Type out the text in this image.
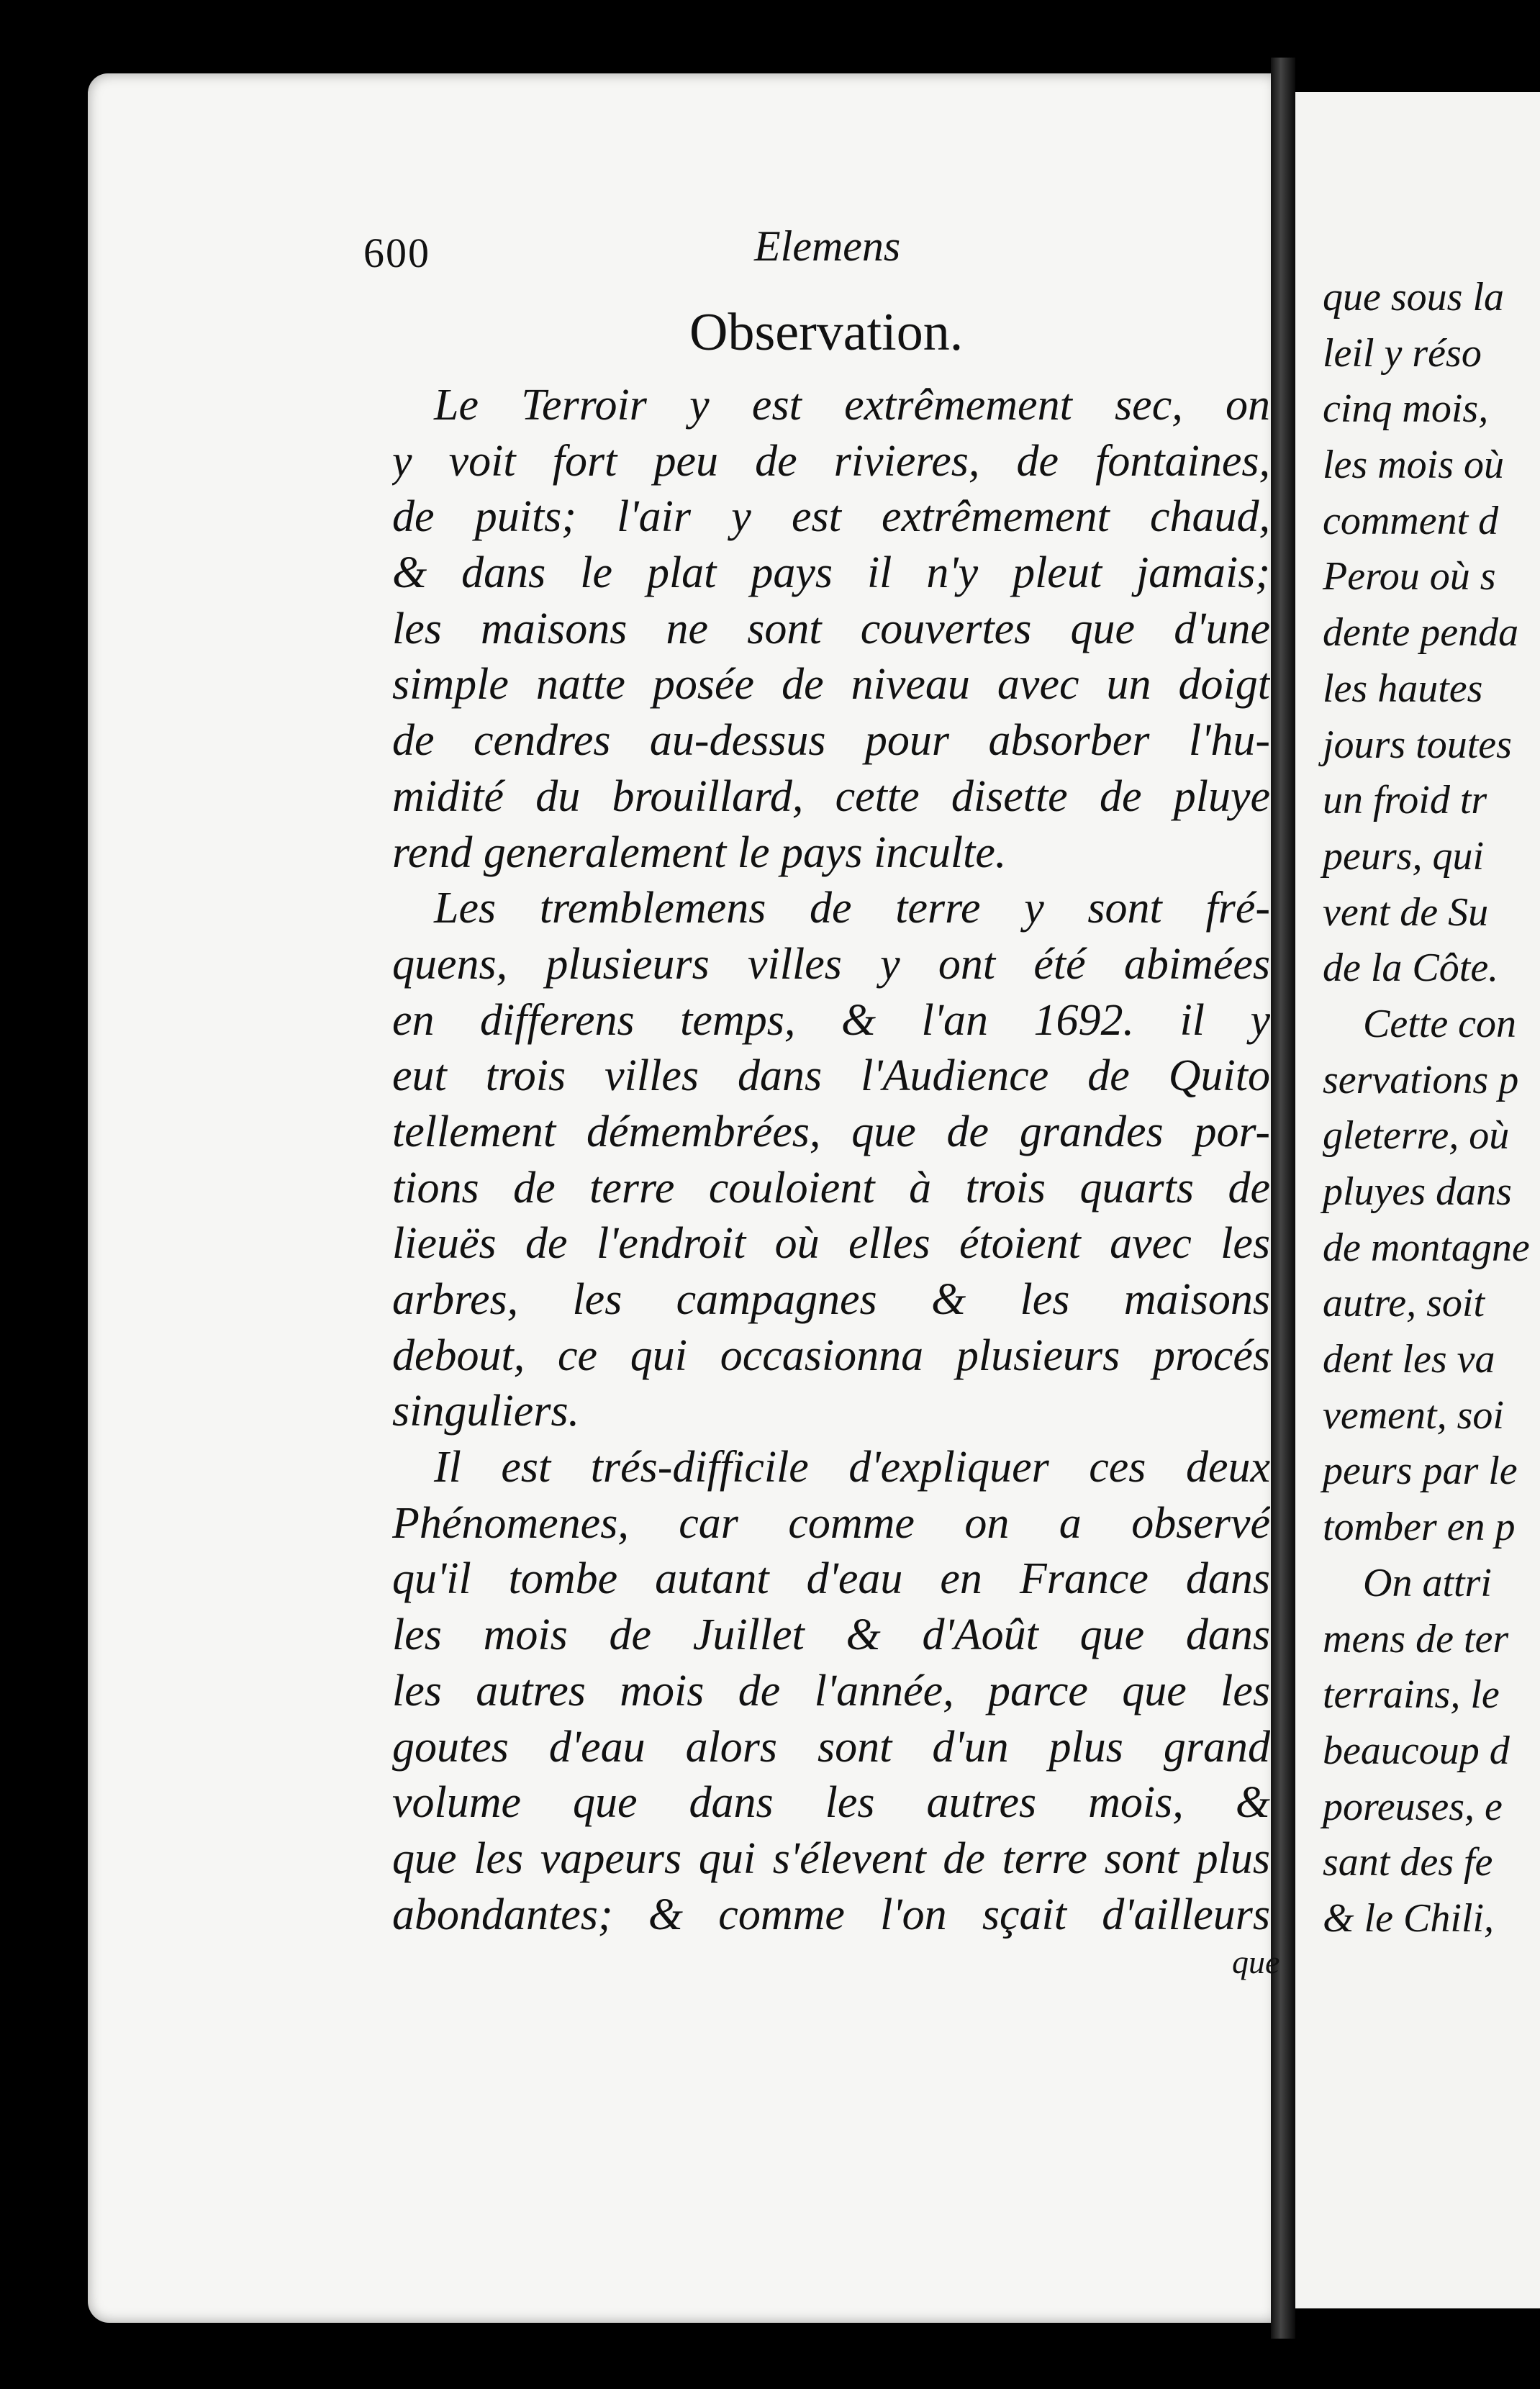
600	Elemens
Observation.
Le Terroir y est extrêmement sec, on
y voit fort peu de rivieres, de fontaines,
de puits; l'air y est extrêmement chaud,
& dans le plat pays il n'y pleut jamais;
les maisons ne sont couvertes que d'une
simple natte posée de niveau avec un doigt
de cendres au-dessus pour absorber l'hu-
midité du brouillard, cette disette de pluye
rend generalement le pays inculte.
Les tremblemens de terre y sont fré-
quens, plusieurs villes y ont été abimées
en differens temps, & l'an 1692. il y
eut trois villes dans l'Audience de Quito
tellement démembrées, que de grandes por-
tions de terre couloient à trois quarts de
lieuës de l'endroit où elles étoient avec les
arbres, les campagnes & les maisons
debout, ce qui occasionna plusieurs procés
singuliers.
Il est trés-difficile d'expliquer ces deux
Phénomenes, car comme on a observé
qu'il tombe autant d'eau en France dans
les mois de Juillet & d'Août que dans
les autres mois de l'année, parce que les
goutes d'eau alors sont d'un plus grand
volume que dans les autres mois, &
que les vapeurs qui s'élevent de terre sont plus
abondantes; & comme l'on sçait d'ailleurs
que
que sous la
leil y réso
cinq mois,
les mois où
comment d
Perou où s
dente penda
les hautes
jours toutes
un froid tr
peurs, qui
vent de Su
de la Côte.
Cette con
servations p
gleterre, où
pluyes dans
de montagne
autre, soit
dent les va
vement, soi
peurs par le
tomber en p
On attri
mens de ter
terrains, le
beaucoup d
poreuses, e
sant des fe
& le Chili,
